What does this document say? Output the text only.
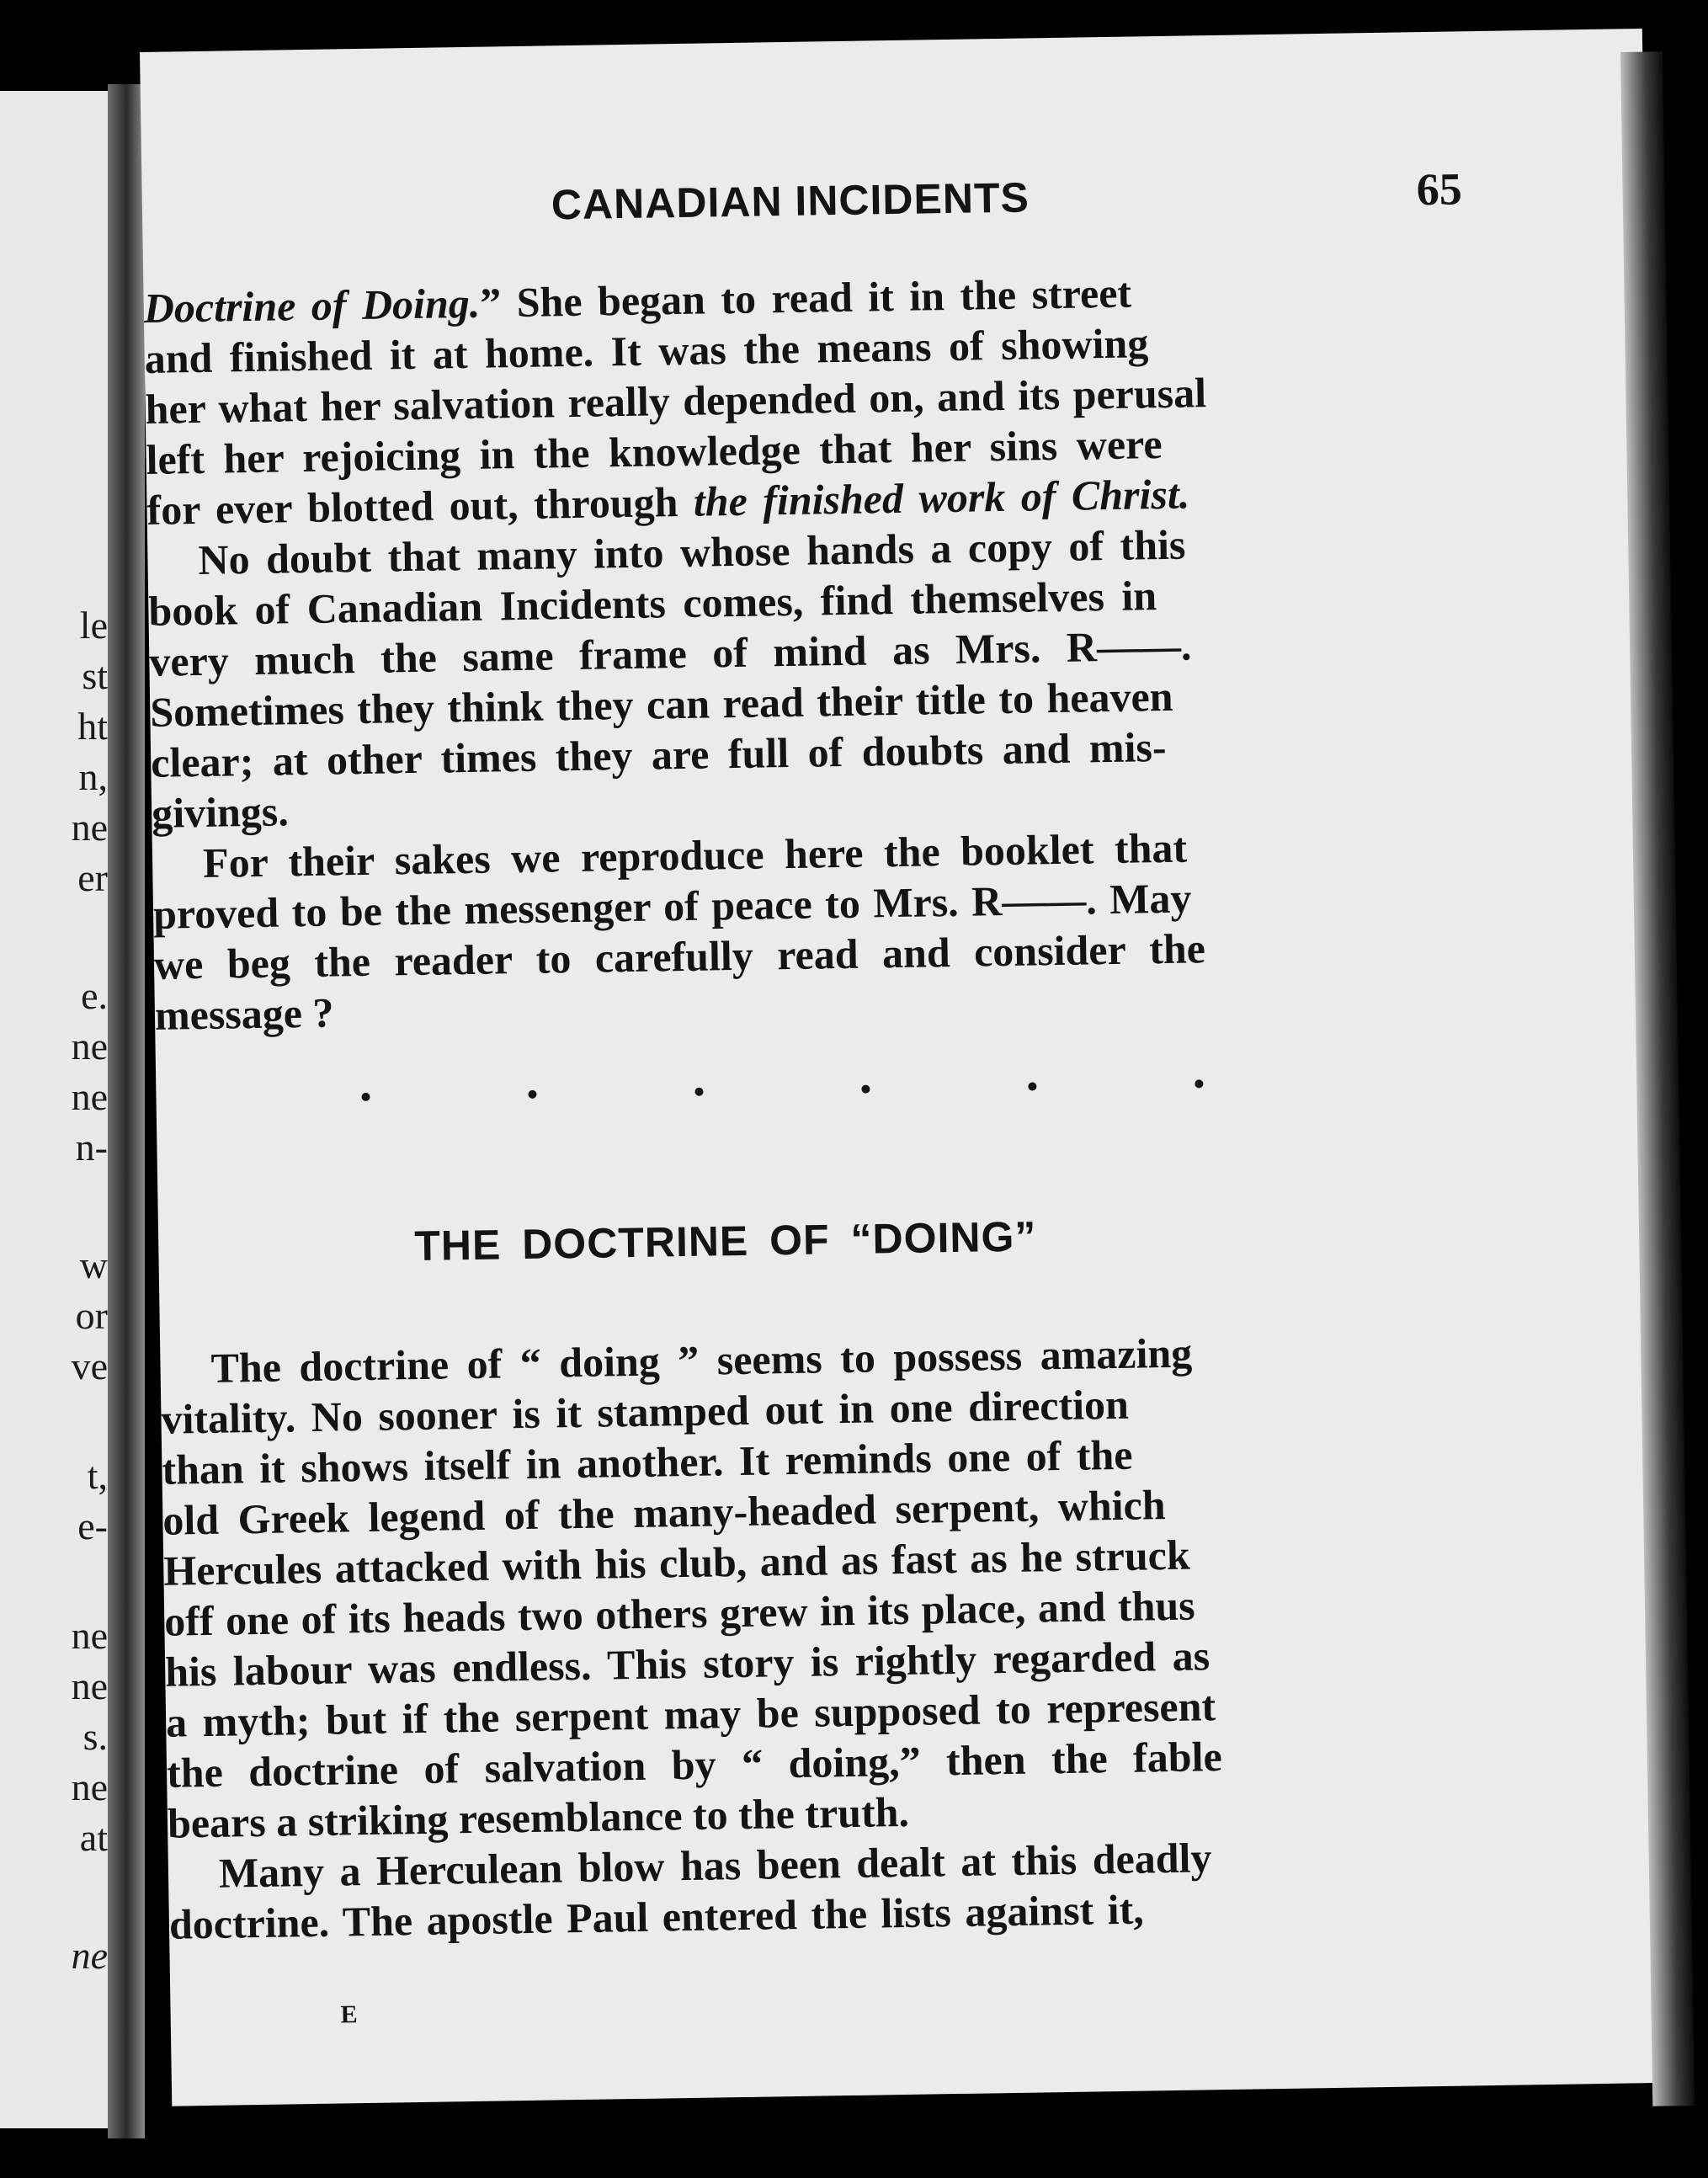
le
st
ht
n,
ne
er
e.
ne
ne
n-
w
or
ve
t,
e-
ne
ne
s.
ne
at
ne
CANADIAN INCIDENTS	65

Doctrine of Doing.” She began to read it in the street

and finished it at home. It was the means of showing

her what her salvation really depended on, and its perusal

left her rejoicing in the knowledge that her sins were

for ever blotted out, through the finished work of Christ.

No doubt that many into whose hands a copy of this

book of Canadian Incidents comes, find themselves in

very much the same frame of mind as Mrs. R——.

Sometimes they think they can read their title to heaven

clear; at other times they are full of doubts and mis-

givings.

For their sakes we reproduce here the booklet that

proved to be the messenger of peace to Mrs. R——. May

we beg the reader to carefully read and consider the

message ?

THE DOCTRINE OF “DOING”

The doctrine of “ doing ” seems to possess amazing

vitality. No sooner is it stamped out in one direction

than it shows itself in another. It reminds one of the

old Greek legend of the many-headed serpent, which

Hercules attacked with his club, and as fast as he struck

off one of its heads two others grew in its place, and thus

his labour was endless. This story is rightly regarded as

a myth; but if the serpent may be supposed to represent

the doctrine of salvation by “ doing,” then the fable

bears a striking resemblance to the truth.

Many a Herculean blow has been dealt at this deadly

doctrine. The apostle Paul entered the lists against it,

E
